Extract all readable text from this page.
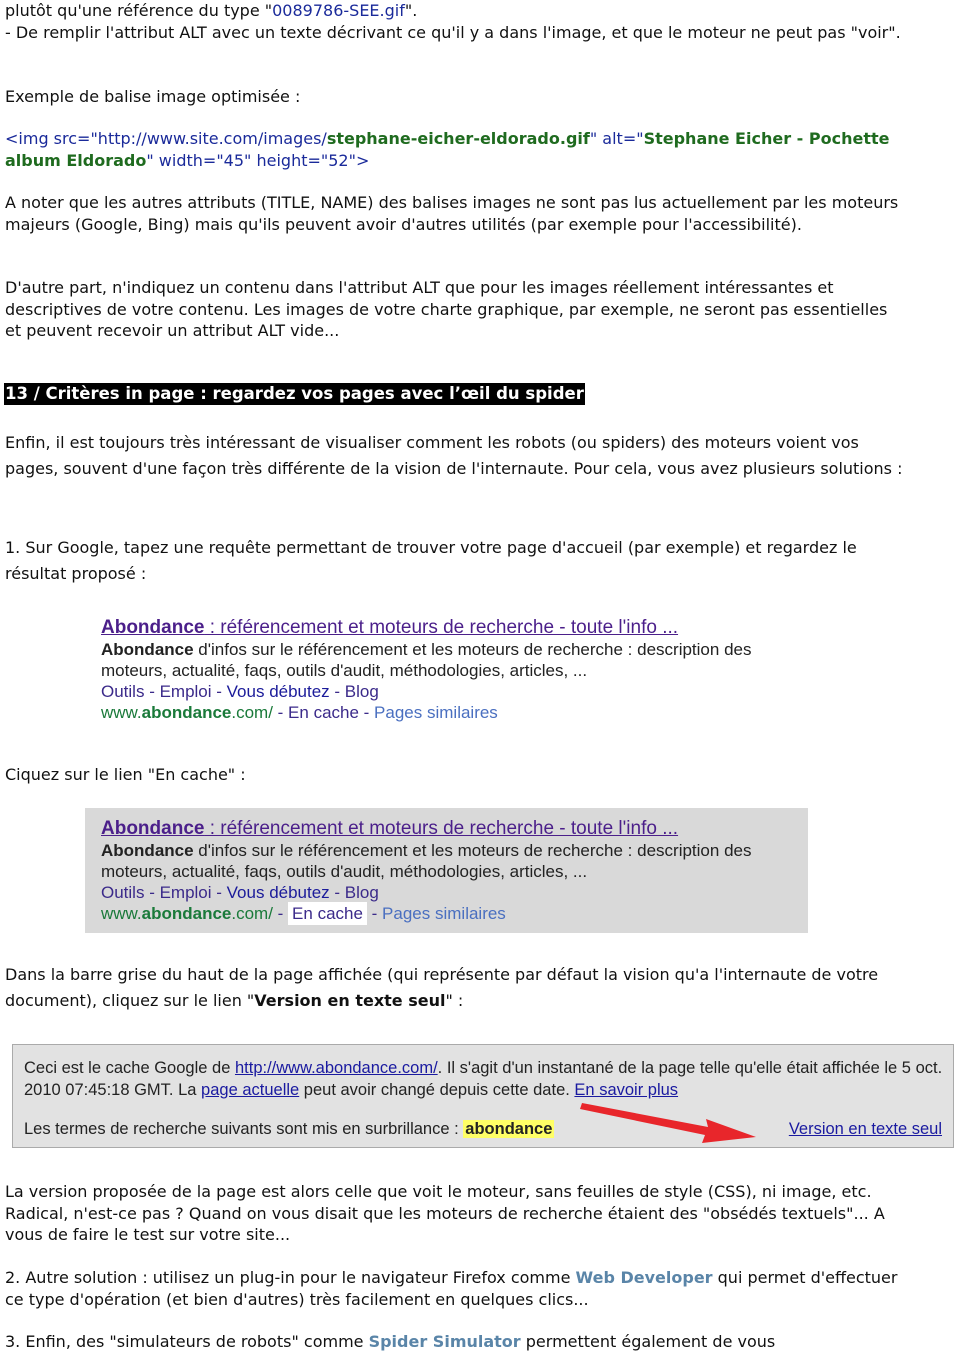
plutôt qu'une référence du type "0089786-SEE.gif".
- De remplir l'attribut ALT avec un texte décrivant ce qu'il y a dans l'image, et que le moteur ne peut pas "voir".

Exemple de balise image optimisée :

<img src="http://www.site.com/images/stephane-eicher-eldorado.gif" alt="Stephane Eicher - Pochette album Eldorado" width="45" height="52">

A noter que les autres attributs (TITLE, NAME) des balises images ne sont pas lus actuellement par les moteurs majeurs (Google, Bing) mais qu'ils peuvent avoir d'autres utilités (par exemple pour l'accessibilité).

D'autre part, n'indiquez un contenu dans l'attribut ALT que pour les images réellement intéressantes et descriptives de votre contenu. Les images de votre charte graphique, par exemple, ne seront pas essentielles et peuvent recevoir un attribut ALT vide...

13 / Critères in page : regardez vos pages avec l’œil du spider

Enfin, il est toujours très intéressant de visualiser comment les robots (ou spiders) des moteurs voient vos pages, souvent d'une façon très différente de la vision de l'internaute. Pour cela, vous avez plusieurs solutions :

1. Sur Google, tapez une requête permettant de trouver votre page d'accueil (par exemple) et regardez le résultat proposé :

Abondance : référencement et moteurs de recherche - toute l'info ...
Abondance d'infos sur le référencement et les moteurs de recherche : description des moteurs, actualité, faqs, outils d'audit, méthodologies, articles, ...
Outils - Emploi - Vous débutez - Blog
www.abondance.com/ - En cache - Pages similaires

Ciquez sur le lien "En cache" :

Abondance : référencement et moteurs de recherche - toute l'info ...
Abondance d'infos sur le référencement et les moteurs de recherche : description des moteurs, actualité, faqs, outils d'audit, méthodologies, articles, ...
Outils - Emploi - Vous débutez - Blog
www.abondance.com/ - En cache - Pages similaires

Dans la barre grise du haut de la page affichée (qui représente par défaut la vision qu'a l'internaute de votre document), cliquez sur le lien "Version en texte seul" :

Ceci est le cache Google de http://www.abondance.com/. Il s'agit d'un instantané de la page telle qu'elle était affichée le 5 oct. 2010 07:45:18 GMT. La page actuelle peut avoir changé depuis cette date. En savoir plus
Les termes de recherche suivants sont mis en surbrillance : abondance	Version en texte seul

La version proposée de la page est alors celle que voit le moteur, sans feuilles de style (CSS), ni image, etc. Radical, n'est-ce pas ? Quand on vous disait que les moteurs de recherche étaient des "obsédés textuels"... A vous de faire le test sur votre site...

2. Autre solution : utilisez un plug-in pour le navigateur Firefox comme Web Developer qui permet d'effectuer ce type d'opération (et bien d'autres) très facilement en quelques clics...

3. Enfin, des "simulateurs de robots" comme Spider Simulator permettent également de vous
